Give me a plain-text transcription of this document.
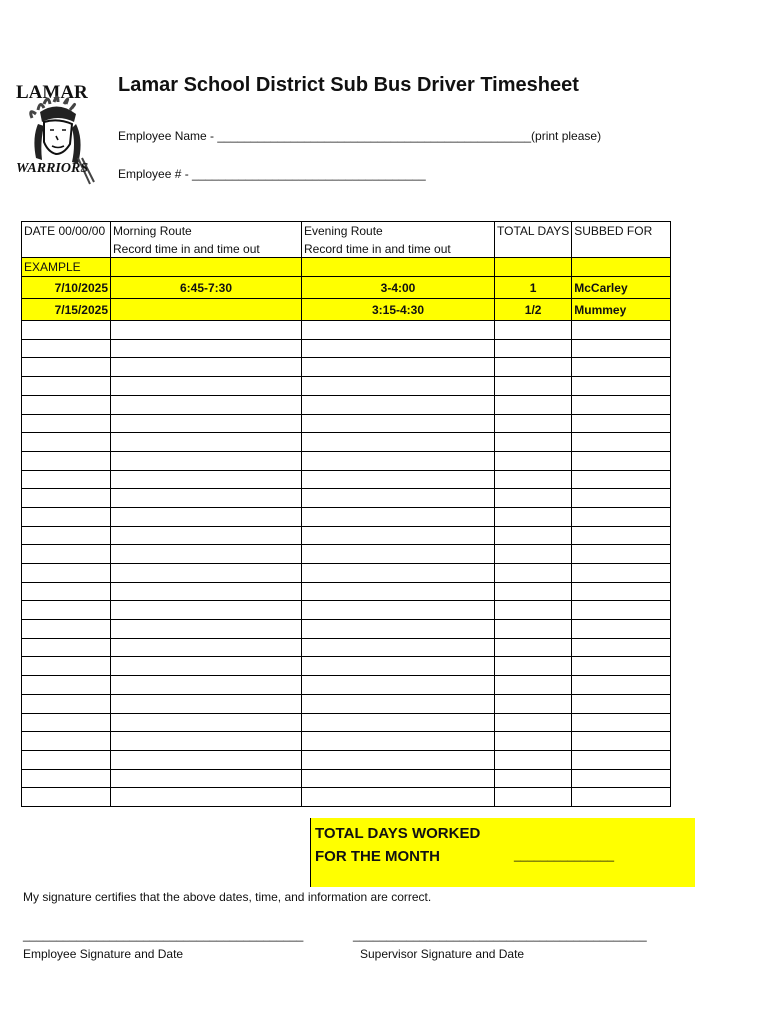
LAMAR
WARRIORS
Lamar School District Sub Bus Driver Timesheet
Employee Name - _______________________________________________(print please)
Employee # - ___________________________________
DATE 00/00/00	Morning Route	Evening Route	TOTAL DAYS	SUBBED FOR
	Record time in and time out	Record time in and time out		
EXAMPLE				
7/10/2025	6:45-7:30	3-4:00	1	McCarley
7/15/2025		3:15-4:30	1/2	Mummey

TOTAL DAYS WORKED
FOR THE MONTH	_______________
My signature certifies that the above dates, time, and information are correct.
__________________________________________	____________________________________________
Employee Signature and Date	Supervisor Signature and Date
